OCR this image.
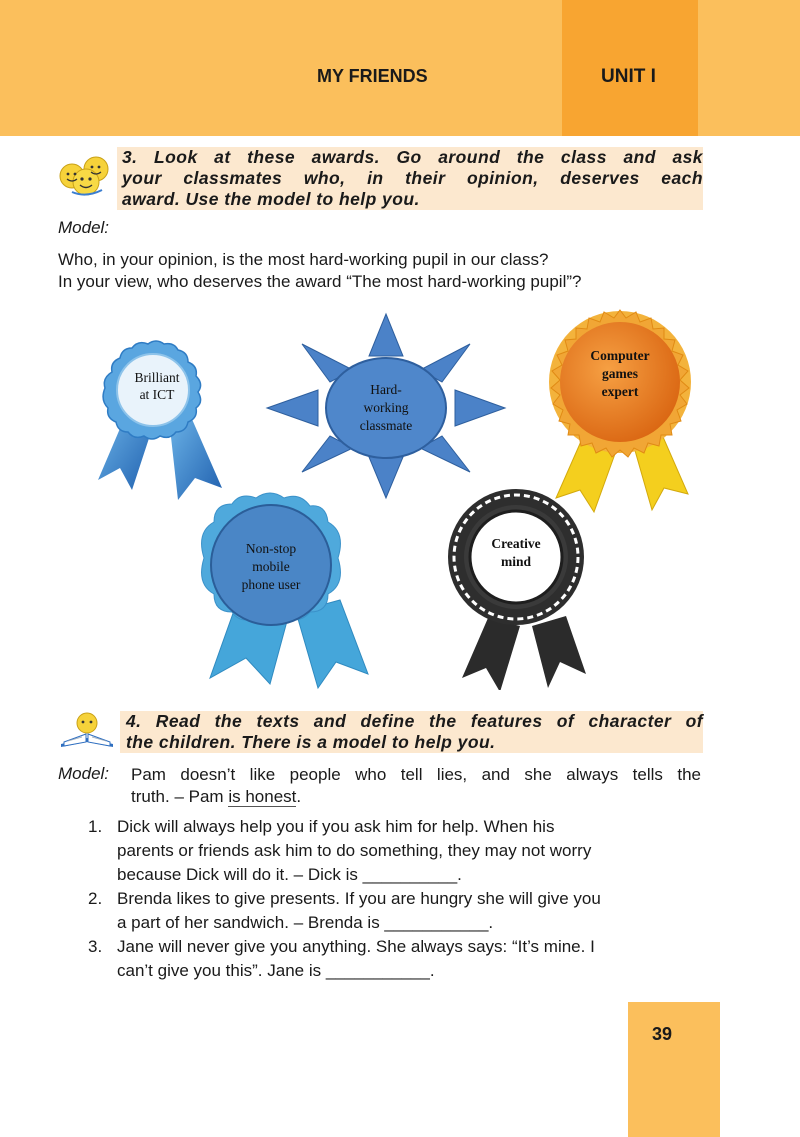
MY FRIENDS	UNIT I
3. Look at these awards. Go around the class and ask
your classmates who, in their opinion, deserves each
award. Use the model to help you.
Model:
Who, in your opinion, is the most hard-working pupil in our class?
In your view, who deserves the award “The most hard-working pupil”?
Brilliant
at ICT	Hard-
working
classmate
Computer
games
expert
Non-stop
mobile
phone user
Creative
mind
4. Read the texts and define the features of character of
the children. There is a model to help you.
Model: Pam doesn’t like people who tell lies, and she always tells the
truth. – Pam is honest.
1. Dick will always help you if you ask him for help. When his
parents or friends ask him to do something, they may not worry
because Dick will do it. – Dick is __________.
2. Brenda likes to give presents. If you are hungry she will give you
a part of her sandwich. – Brenda is ___________.
3. Jane will never give you anything. She always says: “It’s mine. I
can’t give you this”. Jane is ___________.
39
